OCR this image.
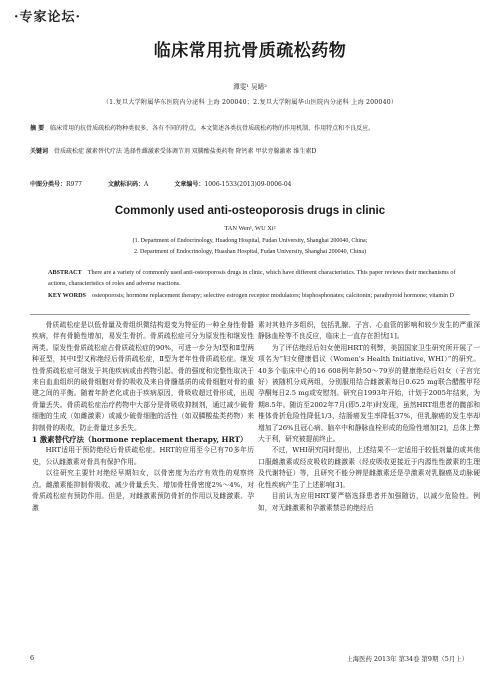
·专家论坛·
临床常用抗骨质疏松药物
潭雯¹ 吴晞²
（1.复旦大学附属华东医院内分泌科 上海 200040；2.复旦大学附属华山医院内分泌科 上海 200040）
摘 要 临床常用的抗骨质疏松药物种类很多，各有不同的特点。本文简述各类抗骨质疏松药物的作用机制、作用特点和不良反应。
关键词 骨质疏松症 激素替代疗法 选择性雌激素受体调节剂 双膦酸盐类药物 降钙素 甲状旁腺激素 维生素D
中图分类号：R977	文献标识码：A	文章编号：1006-1533(2013)09-0006-04
Commonly used anti-osteoporosis drugs in clinic
TAN Wen¹, WU Xi²
(1. Department of Endocrinology, Huadong Hospital, Fudan University, Shanghai 200040, China;
2. Department of Endocrinology, Huashan Hospital, Fudan University, Shanghai 200040, China)
ABSTRACT There are a variety of commonly used anti-osteoporosis drugs in clinic, which have different characteristics. This paper reviews their mechanisms of actions, characteristics of roles and adverse reactions.
KEY WORDS osteoporosis; hormone replacement therapy; selective estrogen receptor modulators; bisphosphonates; calcitonin; parathyroid hormone; vitamin D

骨质疏松症是以低骨量及骨组织微结构退变为特征的一种全身性骨骼疾病，伴有骨脆性增加，易发生骨折。骨质疏松症可分为原发性和继发性两类。原发性骨质疏松症占骨质疏松症的90%，可进一步分为Ⅰ型和Ⅱ型两种亚型，其中Ⅰ型又称绝经后骨质疏松症，Ⅱ型为老年性骨质疏松症。继发性骨质疏松症可继发于其他疾病或由药物引起。骨的强度和完整性取决于来自血血组织的破骨细胞对骨的吸收及来自骨髓基质的成骨细胞对骨的重建之间的平衡。随着年龄老化或由于疾病原因，骨吸收超过骨形成，出现骨量丢失。骨质疏松症治疗药物中大部分是骨吸收抑制剂，通过减少破骨细胞的生成（如雌激素）或减少破骨细胞的活性（如双膦酸盐类药物）来抑制骨的吸收，防止骨量过多丢失。

1 激素替代疗法（hormone replacement therapy, HRT）

HRT适用于预防绝经后骨质疏松症。HRT的应用至今已有70多年历史，公认雌激素对骨具有保护作用。

以往研究主要针对绝经早期妇女，以骨密度为治疗有效性的观察终点。雌激素能抑制骨吸收、减少骨量丢失、增加骨柱骨密度2%～4%，对骨质疏松症有预防作用。但是，对雌激素预防骨折的作用以及雌激素、孕激

素对其他许多组织，包括乳腺、子宫、心血管的影响和较少发生的严重深静脉血栓等不良反应，临床上一直存在担忧[1]。

为了评估绝经后妇女使用HRT的利弊，美国国家卫生研究所开展了一项名为“妇女健康倡议（Women's Health Initiative, WHI）”的研究。40多个临床中心的16 608例年龄50～79岁的健康绝经后妇女（子宫完好）被随机分成两组，分别服用结合雌激素每日0.625 mg联合醋酸甲羟孕酮每日2.5 mg或安慰剂。研究自1993年开始，计划于2005年结束，为期8.5年。随访至2002年7月(即5.2年)时发现，虽然HRT组患者的髋部和椎体骨折危险性降低1/3、结肠癌发生率降低37%，但乳腺癌的发生率却增加了26%且冠心病、脑卒中和静脉血栓形成的危险性增加[2]，总体上弊大于利，研究被提前终止。

不过，WHI研究同时提出，上述结果不一定适用于较低剂量的或其他口服雌激素或经皮吸收的雌激素（经皮吸收更接近于内源性性激素的生理及代谢特征）等，且研究不能分辨是雌激素还是孕激素对乳腺癌及动脉硬化性疾病产生了上述影响[3]。

目前认为应用HRT要严格选择患者并加强随访，以减少危险性。例如，对无雌激素和孕激素禁忌的绝经后

6	上海医药 2013年 第34卷 第9期（5月上）
